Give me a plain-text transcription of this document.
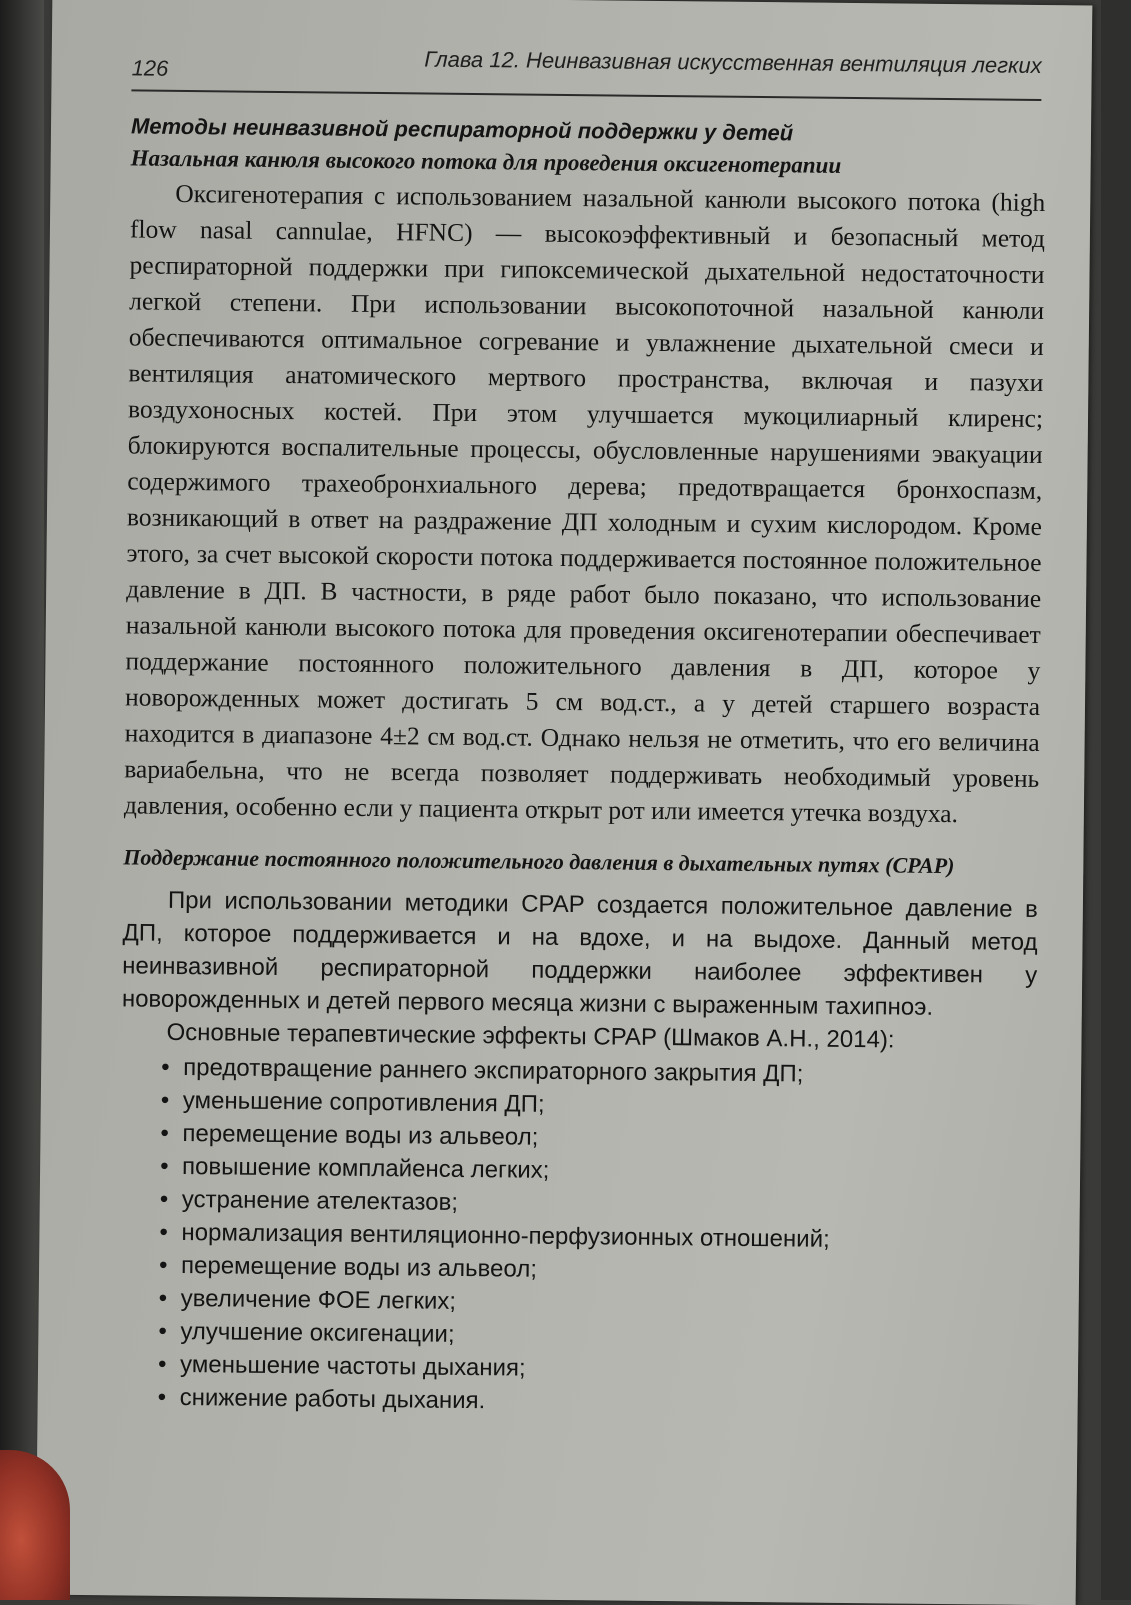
126	Глава 12. Неинвазивная искусственная вентиляция легких
Методы неинвазивной респираторной поддержки у детей
Назальная канюля высокого потока для проведения оксигенотерапии

Оксигенотерапия с использованием назальной канюли высокого потока (high flow nasal cannulae, HFNC) — высокоэффективный и безопасный метод респираторной поддержки при гипоксемической дыхательной недостаточности легкой степени. При использовании высокопоточной назальной канюли обеспечиваются оптимальное согревание и увлажнение дыхательной смеси и вентиляция анатомического мертвого пространства, включая и пазухи воздухоносных костей. При этом улучшается мукоцилиарный клиренс; блокируются воспалительные процессы, обусловленные нарушениями эвакуации содержимого трахеобронхиального дерева; предотвращается бронхоспазм, возникающий в ответ на раздражение ДП холодным и сухим кислородом. Кроме этого, за счет высокой скорости потока поддерживается постоянное положительное давление в ДП. В частности, в ряде работ было показано, что использование назальной канюли высокого потока для проведения оксигенотерапии обеспечивает поддержание постоянного положительного давления в ДП, которое у новорожденных может достигать 5 см вод.ст., а у детей старшего возраста находится в диапазоне 4±2 см вод.ст. Однако нельзя не отметить, что его величина вариабельна, что не всегда позволяет поддерживать необходимый уровень давления, особенно если у пациента открыт рот или имеется утечка воздуха.

Поддержание постоянного положительного давления в дыхательных путях (CPAP)

При использовании методики CPAP создается положительное давление в ДП, которое поддерживается и на вдохе, и на выдохе. Данный метод неинвазивной респираторной поддержки наиболее эффективен у новорожденных и детей первого месяца жизни с выраженным тахипноэ.

Основные терапевтические эффекты CPAP (Шмаков А.Н., 2014):

• предотвращение раннего экспираторного закрытия ДП;
• уменьшение сопротивления ДП;
• перемещение воды из альвеол;
• повышение комплайенса легких;
• устранение ателектазов;
• нормализация вентиляционно-перфузионных отношений;
• перемещение воды из альвеол;
• увеличение ФОЕ легких;
• улучшение оксигенации;
• уменьшение частоты дыхания;
• снижение работы дыхания.
